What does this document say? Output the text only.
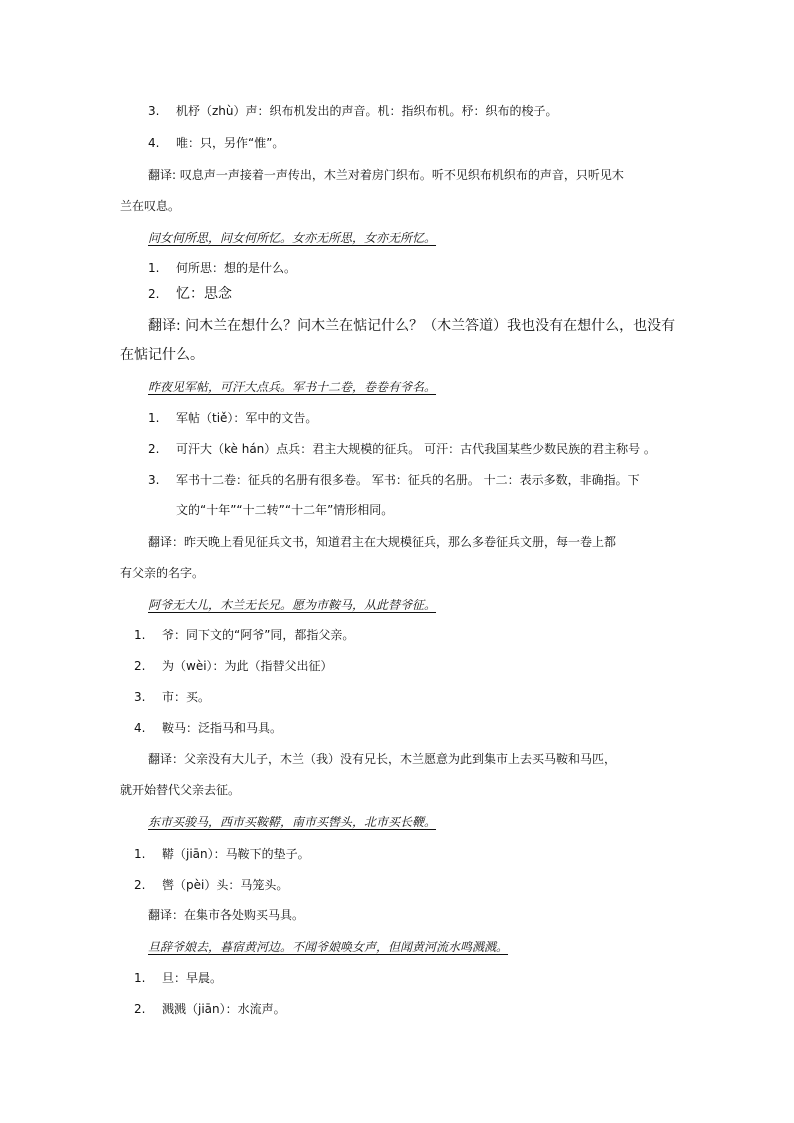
3. 机杼（zhù）声：织布机发出的声音。机：指织布机。杼：织布的梭子。
4. 唯：只，另作“惟”。
翻译: 叹息声一声接着一声传出，木兰对着房门织布。听不见织布机织布的声音，只听见木
兰在叹息。
问女何所思，问女何所忆。女亦无所思，女亦无所忆。
1. 何所思：想的是什么。
2. 忆：思念
翻译: 问木兰在想什么？问木兰在惦记什么？（木兰答道）我也没有在想什么，也没有
在惦记什么。
昨夜见军帖，可汗大点兵。军书十二卷，卷卷有爷名。
1. 军帖（tiě）：军中的文告。
2. 可汗大（kè hán）点兵：君主大规模的征兵。 可汗：古代我国某些少数民族的君主称号 。
3. 军书十二卷：征兵的名册有很多卷。 军书：征兵的名册。 十二：表示多数，非确指。下
文的“十年”“十二转”“十二年”情形相同。
翻译：昨天晚上看见征兵文书，知道君主在大规模征兵，那么多卷征兵文册，每一卷上都
有父亲的名字。
阿爷无大儿，木兰无长兄。愿为市鞍马，从此替爷征。
1. 爷：同下文的“阿爷”同，都指父亲。
2. 为（wèi）：为此（指替父出征）
3. 市：买。
4. 鞍马：泛指马和马具。
翻译：父亲没有大儿子，木兰（我）没有兄长，木兰愿意为此到集市上去买马鞍和马匹，
就开始替代父亲去征。
东市买骏马，西市买鞍鞯，南市买辔头，北市买长鞭。
1. 鞯（jiān）：马鞍下的垫子。
2. 辔（pèi）头：马笼头。
翻译：在集市各处购买马具。
旦辞爷娘去，暮宿黄河边。不闻爷娘唤女声，但闻黄河流水鸣溅溅。
1. 旦：早晨。
2. 溅溅（jiān）：水流声。
